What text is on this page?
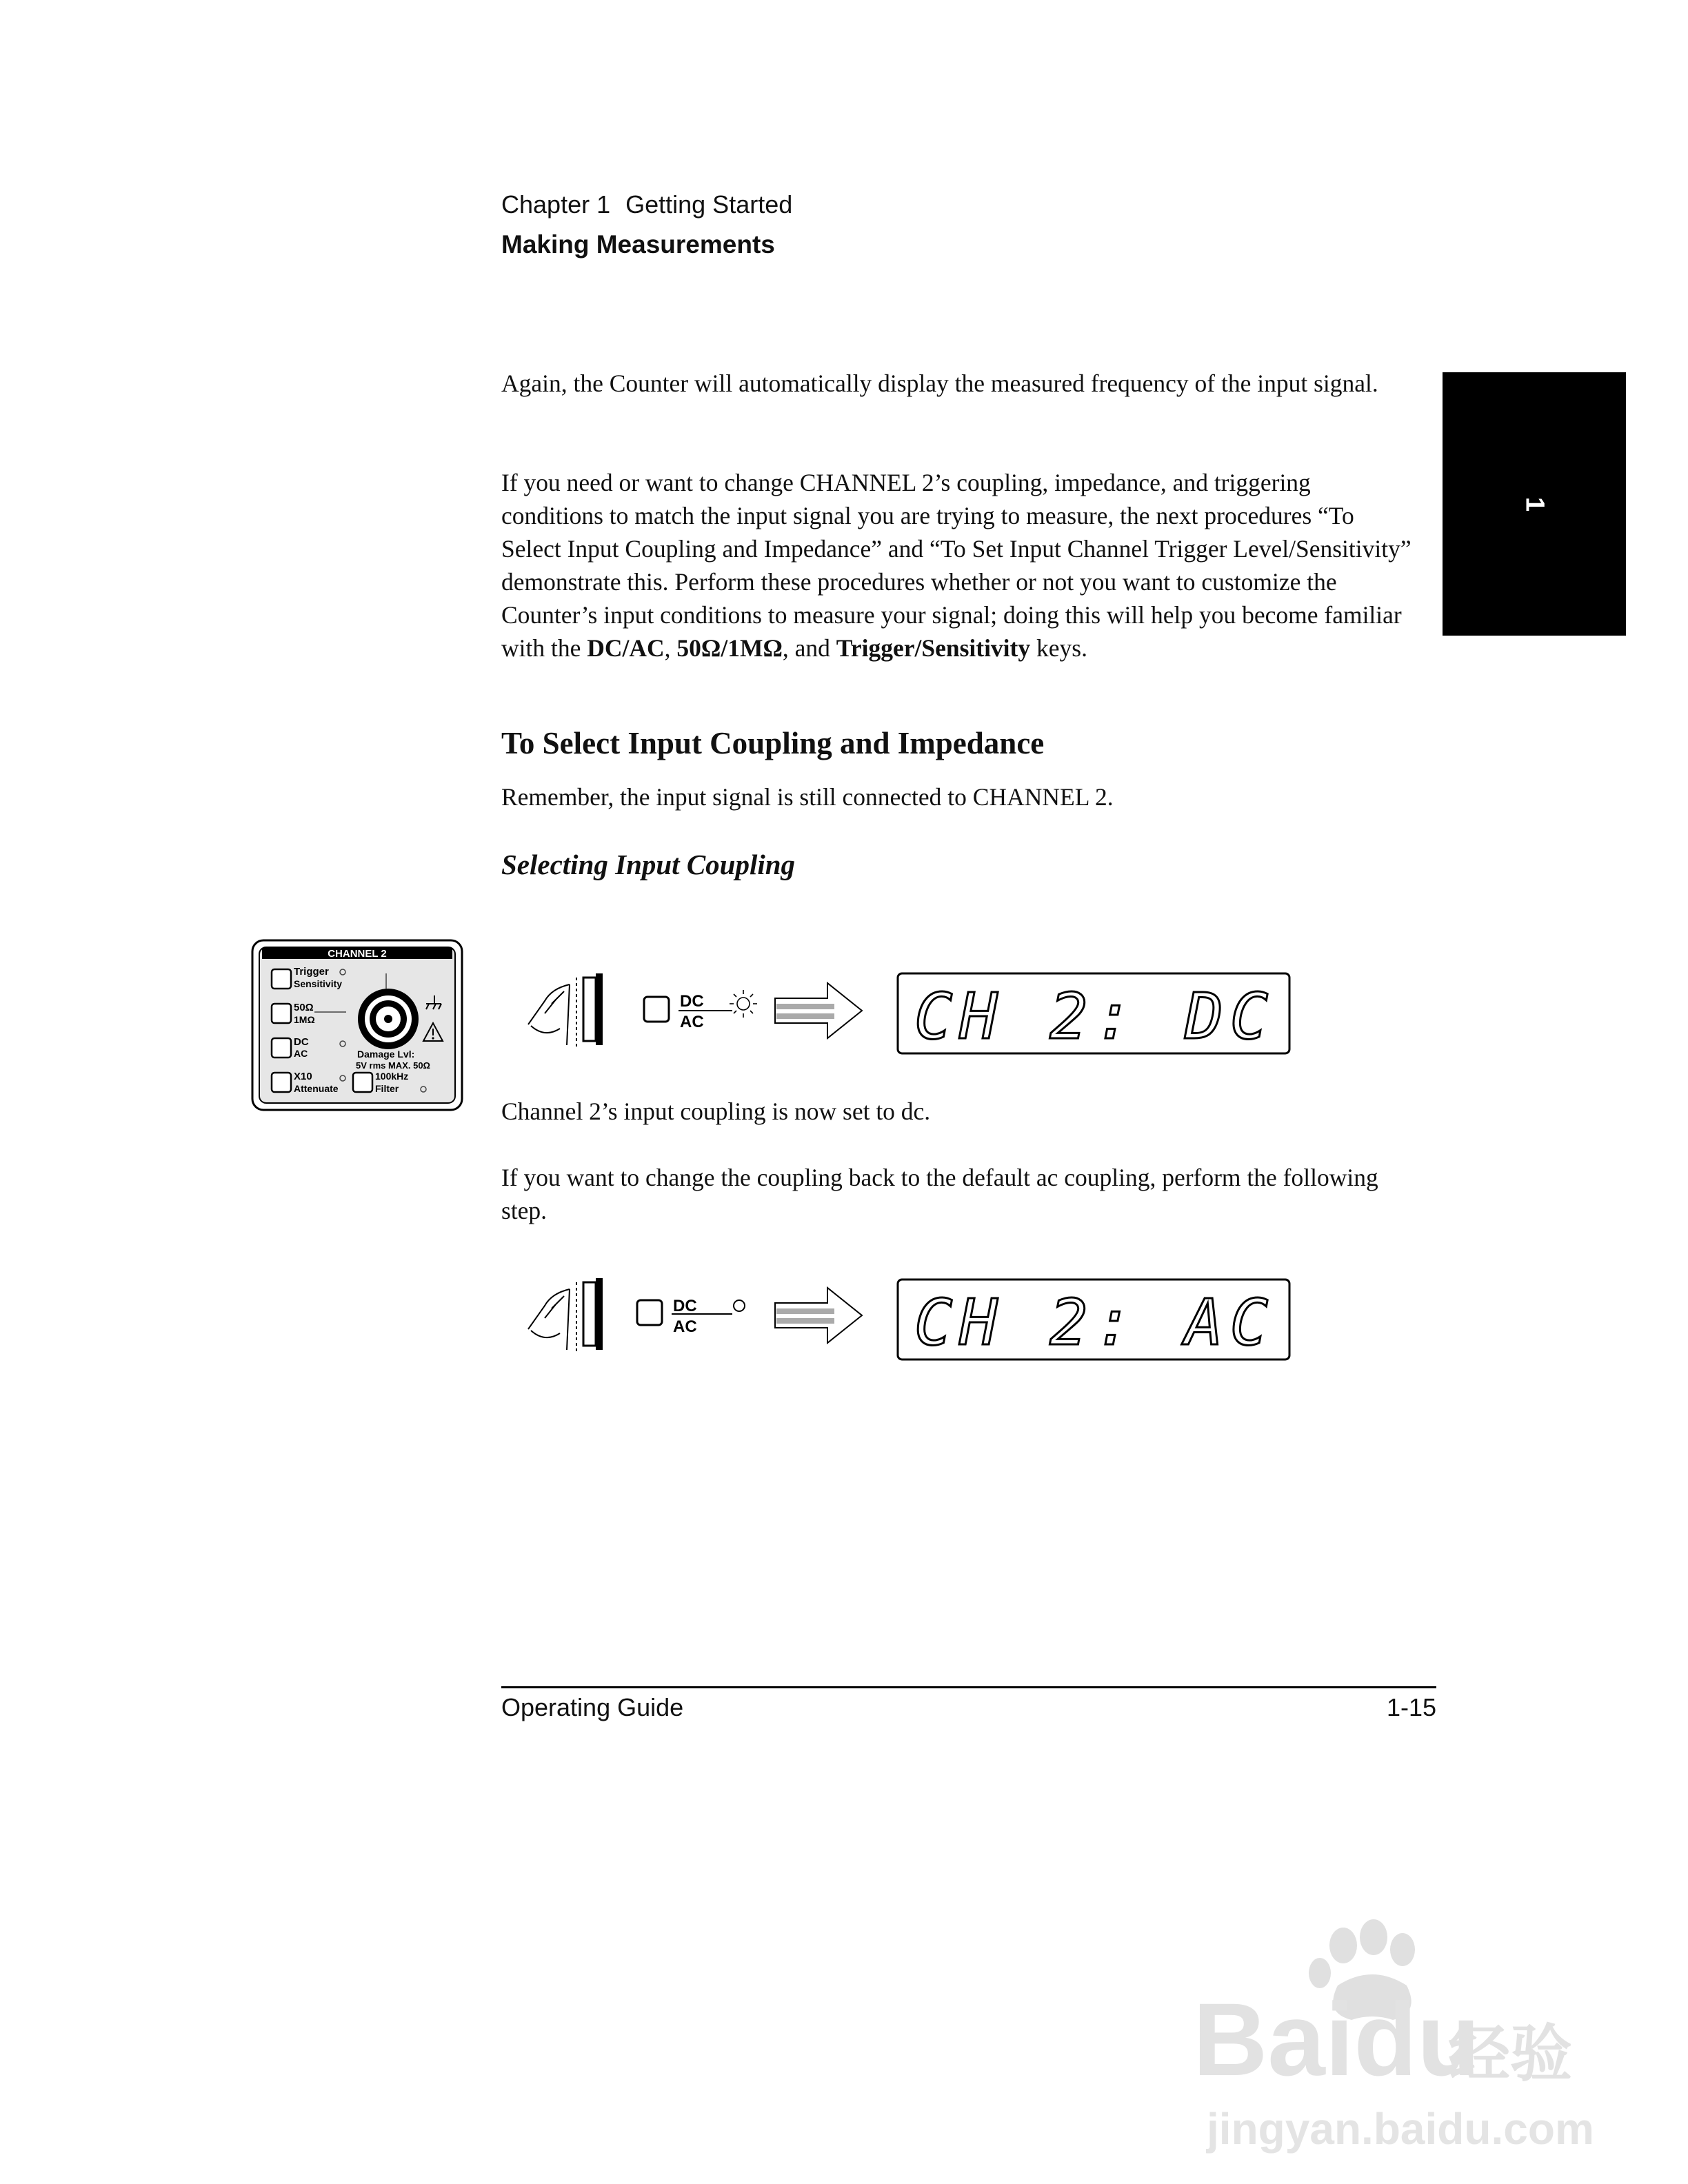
Chapter 1 Getting Started
Making Measurements
1
Again, the Counter will automatically display the measured frequency of the input signal.
If you need or want to change CHANNEL 2’s coupling, impedance, and triggering conditions to match the input signal you are trying to measure, the next procedures “To Select Input Coupling and Impedance” and “To Set Input Channel Trigger Level/Sensitivity” demonstrate this. Perform these procedures whether or not you want to customize the Counter’s input conditions to measure your signal; doing this will help you become familiar with the DC/AC, 50Ω/1MΩ, and Trigger/Sensitivity keys.
To Select Input Coupling and Impedance
Remember, the input signal is still connected to CHANNEL 2.
Selecting Input Coupling
CHANNEL 2
Trigger
Sensitivity
50Ω
1MΩ
DC
AC
X10
Attenuate
100kHz
Filter
Damage Lvl:
5V rms MAX. 50Ω
DC
AC	CH 2: DC
DC
AC	CH 2: AC
Channel 2’s input coupling is now set to dc.
If you want to change the coupling back to the default ac coupling, perform the following step.
Operating Guide	1-15
Baidu
经验
jingyan.baidu.com
